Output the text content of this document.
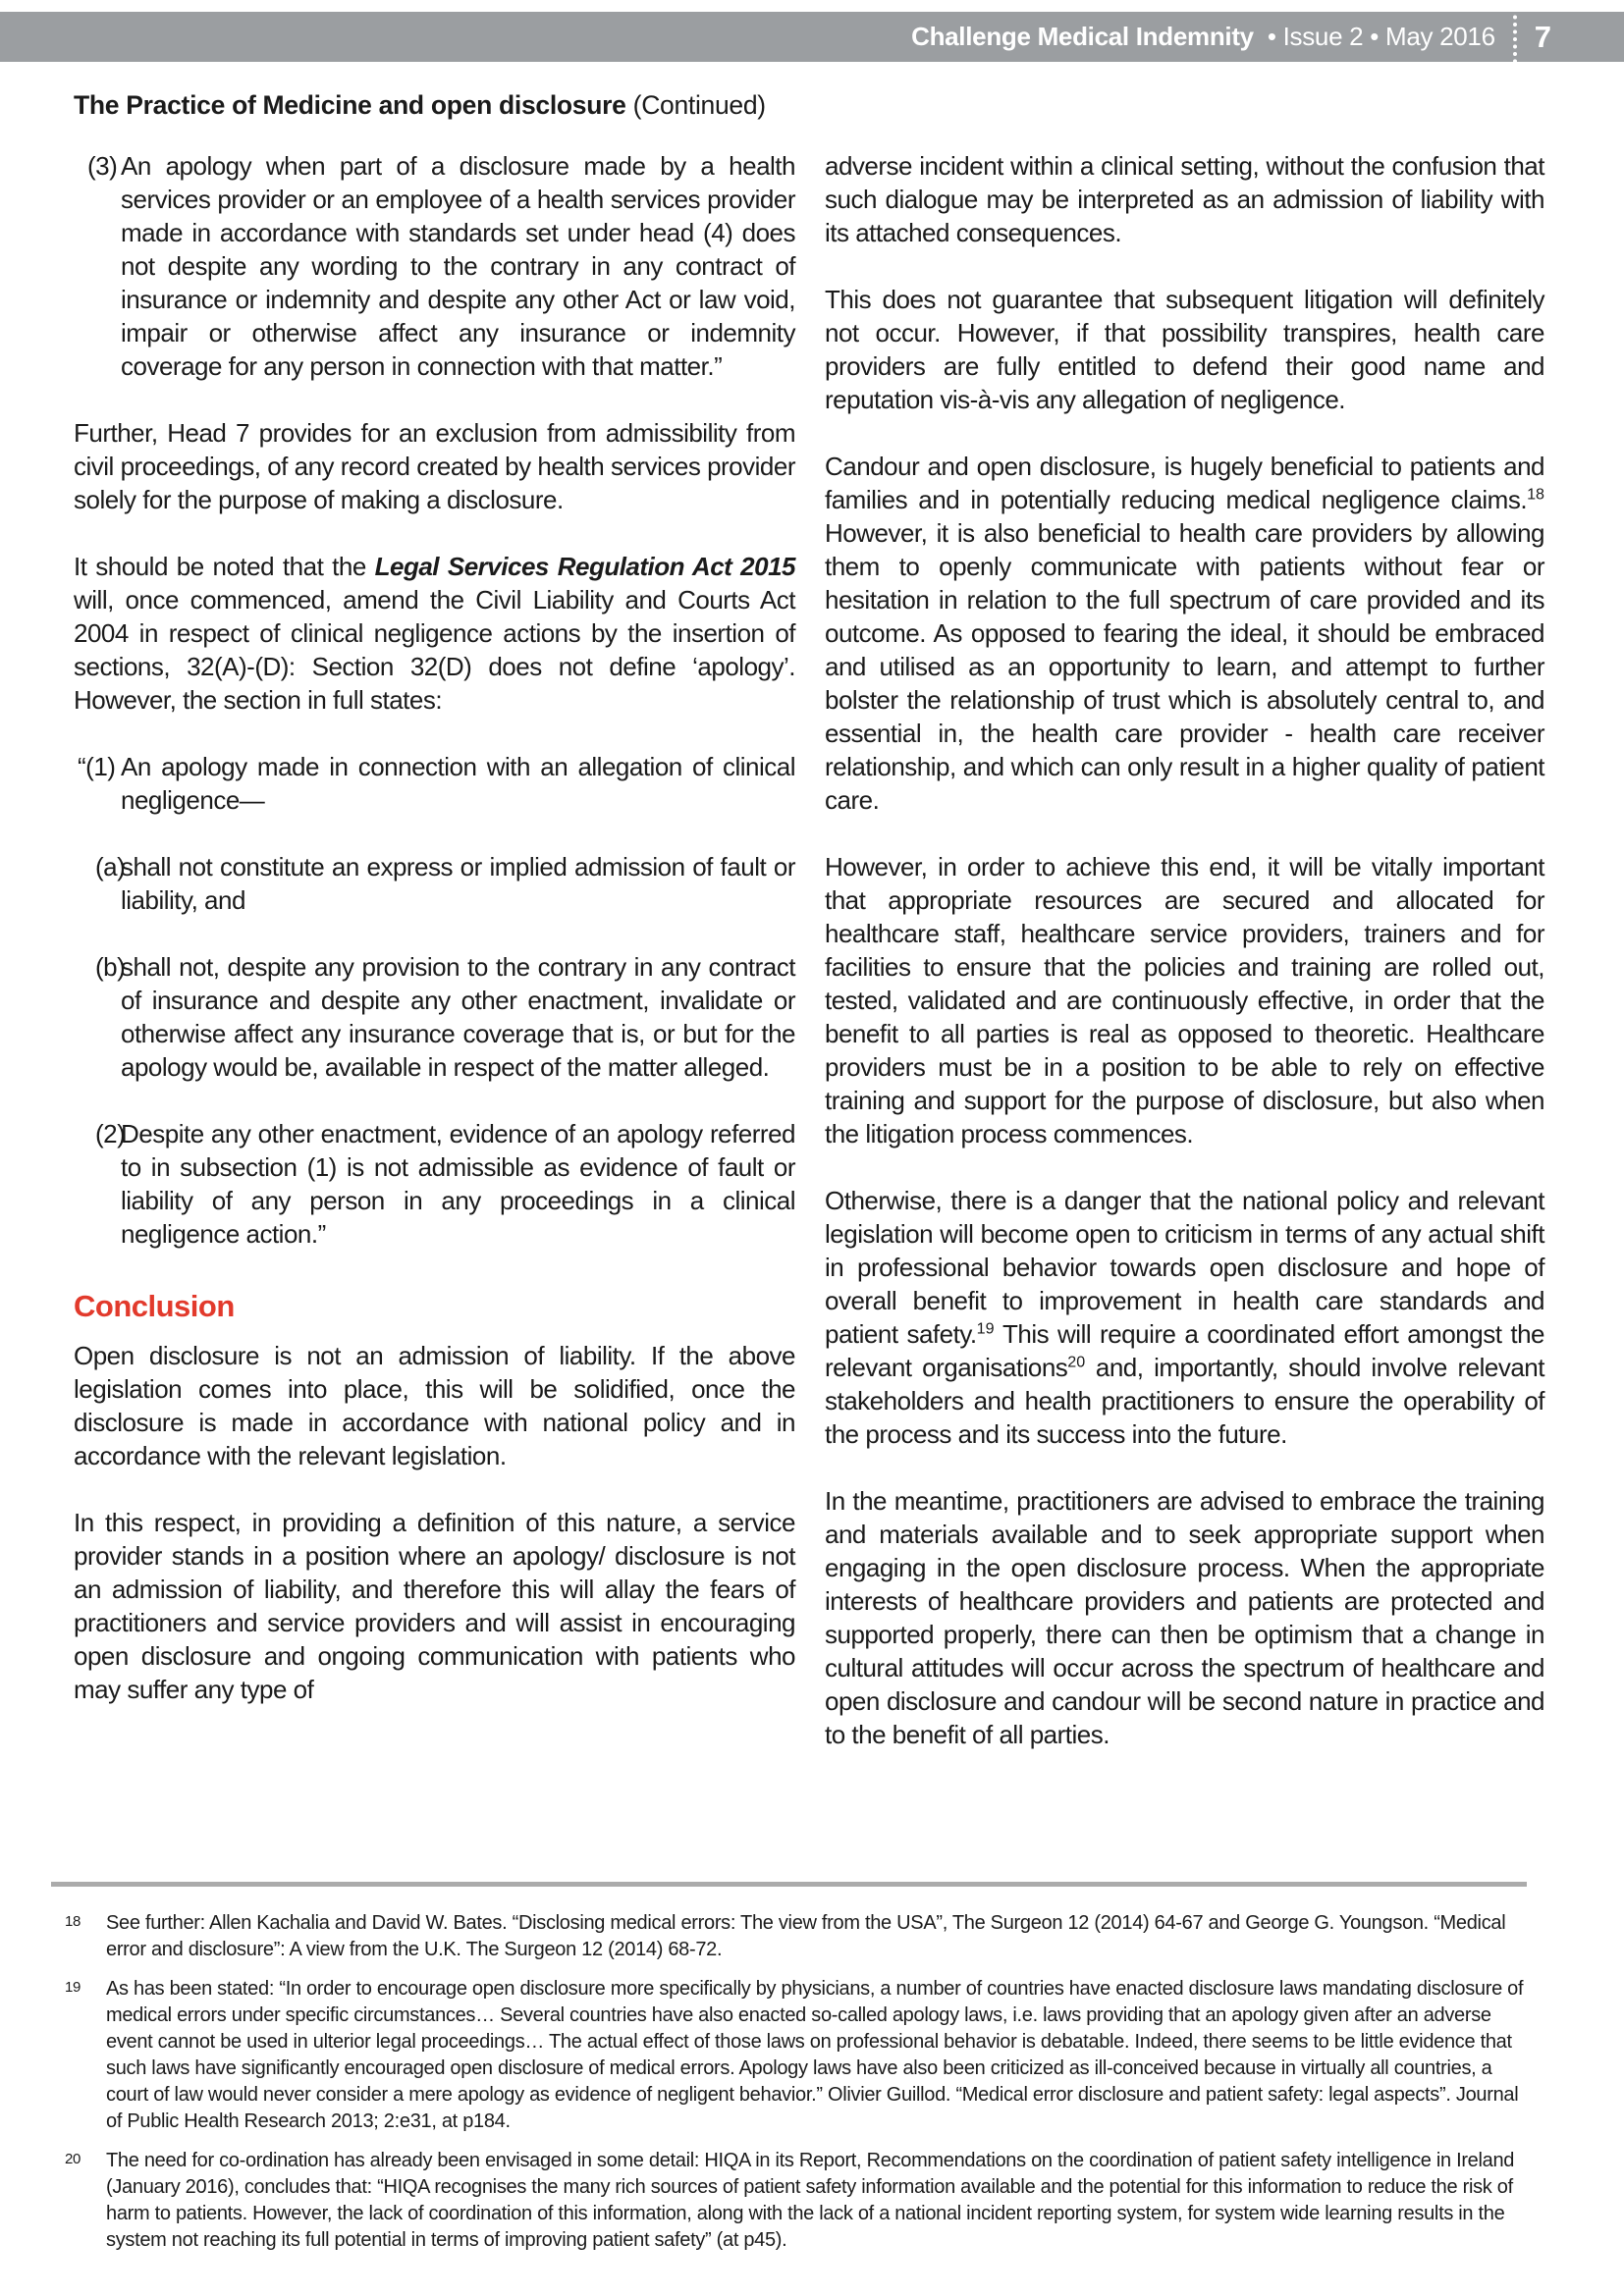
Challenge Medical Indemnity • Issue 2 • May 2016 7
The Practice of Medicine and open disclosure (Continued)
(3) An apology when part of a disclosure made by a health services provider or an employee of a health services provider made in accordance with standards set under head (4) does not despite any wording to the contrary in any contract of insurance or indemnity and despite any other Act or law void, impair or otherwise affect any insurance or indemnity coverage for any person in connection with that matter.”

Further, Head 7 provides for an exclusion from admissibility from civil proceedings, of any record created by health services provider solely for the purpose of making a disclosure.

It should be noted that the Legal Services Regulation Act 2015 will, once commenced, amend the Civil Liability and Courts Act 2004 in respect of clinical negligence actions by the insertion of sections, 32(A)-(D): Section 32(D) does not define ‘apology’. However, the section in full states:

“(1) An apology made in connection with an allegation of clinical negligence—
(a)
shall not constitute an express or implied admission of fault or liability, and
(b)
shall not, despite any provision to the contrary in any contract of insurance and despite any other enactment, invalidate or otherwise affect any insurance coverage that is, or but for the apology would be, available in respect of the matter alleged.
(2)
Despite any other enactment, evidence of an apology referred to in subsection (1) is not admissible as evidence of fault or liability of any person in any proceedings in a clinical negligence action.”
Conclusion

Open disclosure is not an admission of liability. If the above legislation comes into place, this will be solidified, once the disclosure is made in accordance with national policy and in accordance with the relevant legislation.

In this respect, in providing a definition of this nature, a service provider stands in a position where an apology/ disclosure is not an admission of liability, and therefore this will allay the fears of practitioners and service providers and will assist in encouraging open disclosure and ongoing communication with patients who may suffer any type of

adverse incident within a clinical setting, without the confusion that such dialogue may be interpreted as an admission of liability with its attached consequences.

This does not guarantee that subsequent litigation will definitely not occur. However, if that possibility transpires, health care providers are fully entitled to defend their good name and reputation vis-à-vis any allegation of negligence.

Candour and open disclosure, is hugely beneficial to patients and families and in potentially reducing medical negligence claims.$^{18}$ However, it is also beneficial to health care providers by allowing them to openly communicate with patients without fear or hesitation in relation to the full spectrum of care provided and its outcome. As opposed to fearing the ideal, it should be embraced and utilised as an opportunity to learn, and attempt to further bolster the relationship of trust which is absolutely central to, and essential in, the health care provider - health care receiver relationship, and which can only result in a higher quality of patient care.

However, in order to achieve this end, it will be vitally important that appropriate resources are secured and allocated for healthcare staff, healthcare service providers, trainers and for facilities to ensure that the policies and training are rolled out, tested, validated and are continuously effective, in order that the benefit to all parties is real as opposed to theoretic. Healthcare providers must be in a position to be able to rely on effective training and support for the purpose of disclosure, but also when the litigation process commences.

Otherwise, there is a danger that the national policy and relevant legislation will become open to criticism in terms of any actual shift in professional behavior towards open disclosure and hope of overall benefit to improvement in health care standards and patient safety.$^{19}$ This will require a coordinated effort amongst the relevant organisations$^{20}$ and, importantly, should involve relevant stakeholders and health practitioners to ensure the operability of the process and its success into the future.

In the meantime, practitioners are advised to embrace the training and materials available and to seek appropriate support when engaging in the open disclosure process. When the appropriate interests of healthcare providers and patients are protected and supported properly, there can then be optimism that a change in cultural attitudes will occur across the spectrum of healthcare and open disclosure and candour will be second nature in practice and to the benefit of all parties.

18 See further: Allen Kachalia and David W. Bates. “Disclosing medical errors: The view from the USA”, The Surgeon 12 (2014) 64-67 and George G. Youngson. “Medical error and disclosure”: A view from the U.K. The Surgeon 12 (2014) 68-72.
19 As has been stated: “In order to encourage open disclosure more specifically by physicians, a number of countries have enacted disclosure laws mandating disclosure of medical errors under specific circumstances… Several countries have also enacted so-called apology laws, i.e. laws providing that an apology given after an adverse event cannot be used in ulterior legal proceedings… The actual effect of those laws on professional behavior is debatable. Indeed, there seems to be little evidence that such laws have significantly encouraged open disclosure of medical errors. Apology laws have also been criticized as ill-conceived because in virtually all countries, a court of law would never consider a mere apology as evidence of negligent behavior.” Olivier Guillod. “Medical error disclosure and patient safety: legal aspects”. Journal of Public Health Research 2013; 2:e31, at p184.
20 The need for co-ordination has already been envisaged in some detail: HIQA in its Report, Recommendations on the coordination of patient safety intelligence in Ireland (January 2016), concludes that: “HIQA recognises the many rich sources of patient safety information available and the potential for this information to reduce the risk of harm to patients. However, the lack of coordination of this information, along with the lack of a national incident reporting system, for system wide learning results in the system not reaching its full potential in terms of improving patient safety” (at p45).
